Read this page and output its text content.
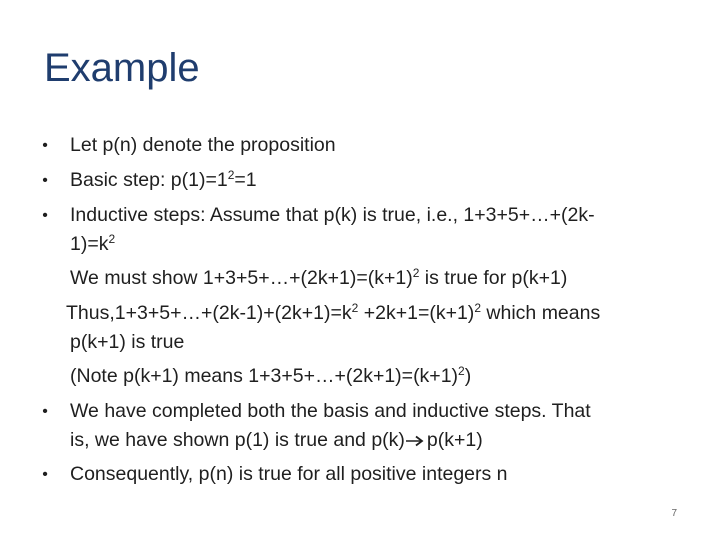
Example
• Let p(n) denote the proposition
• Basic step: $p(1)=1^2=1$
• Inductive steps: Assume that p(k) is true, i.e., 1+3+5+…+(2k-
$1)=k^2$
We must show $1+3+5+\dots+(2k+1)=(k+1)^2$ is true for p(k+1)
$Thus,1+3+5+\dots+(2k-1)+(2k+1)=k^2 +2k+1=(k+1)^2$ which means
p(k+1) is true
(Note p(k+1) means $1+3+5+\dots+(2k+1)=(k+1)^2$)
• We have completed both the basis and inductive steps. That
is, we have shown p(1) is true and p(k) p(k+1)
• Consequently, p(n) is true for all positive integers n
7
